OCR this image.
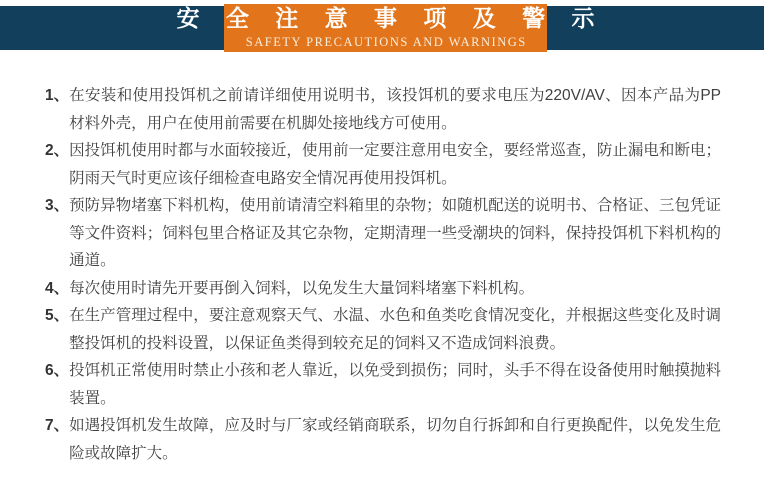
安 全 注 意 事 项 及 警 示
SAFETY PRECAUTIONS AND WARNINGS
1、 在安装和使用投饵机之前请详细使用说明书，该投饵机的要求电压为220V/AV、因本产品为PP材料外壳，用户在使用前需要在机脚处接地线方可使用。
2、 因投饵机使用时都与水面较接近，使用前一定要注意用电安全，要经常巡查，防止漏电和断电；阴雨天气时更应该仔细检查电路安全情况再使用投饵机。
3、 预防异物堵塞下料机构，使用前请清空料箱里的杂物；如随机配送的说明书、合格证、三包凭证等文件资料；饲料包里合格证及其它杂物，定期清理一些受潮块的饲料，保持投饵机下料机构的通道。
4、 每次使用时请先开要再倒入饲料，以免发生大量饲料堵塞下料机构。
5、 在生产管理过程中，要注意观察天气、水温、水色和鱼类吃食情况变化，并根据这些变化及时调整投饵机的投料设置，以保证鱼类得到较充足的饲料又不造成饲料浪费。
6、 投饵机正常使用时禁止小孩和老人靠近，以免受到损伤；同时，头手不得在设备使用时触摸抛料装置。
7、 如遇投饵机发生故障，应及时与厂家或经销商联系，切勿自行拆卸和自行更换配件，以免发生危险或故障扩大。
